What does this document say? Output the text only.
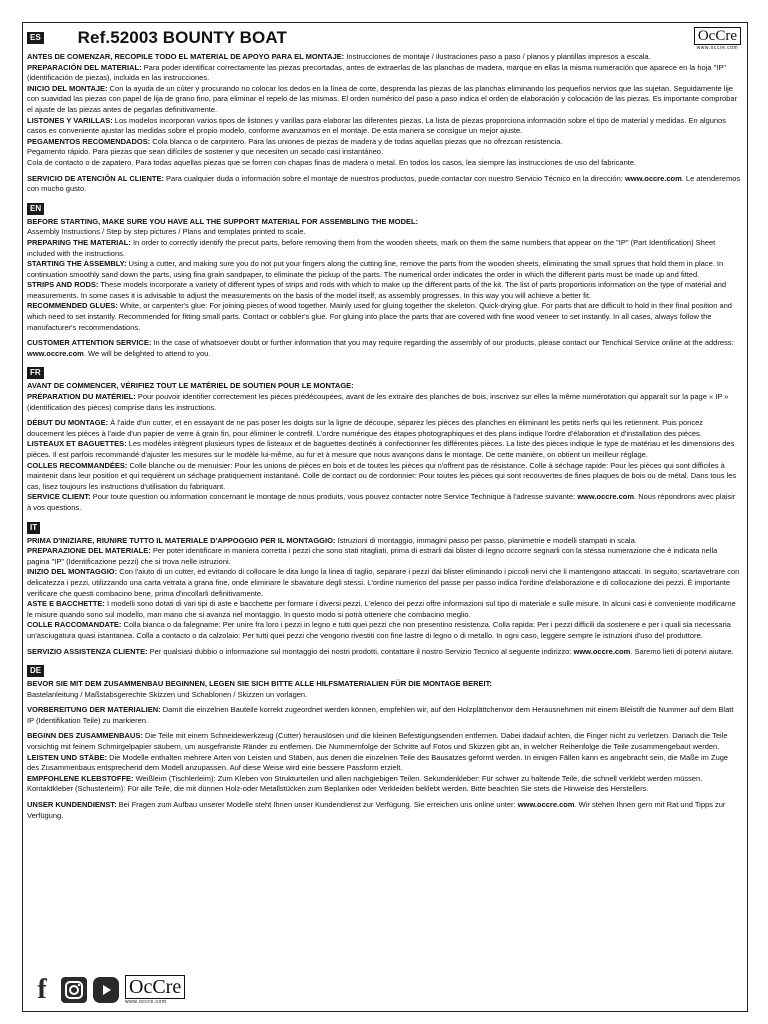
ES Ref.52003 BOUNTY BOAT	OcCre
www.occre.com

ANTES DE COMENZAR, RECOPILE TODO EL MATERIAL DE APOYO PARA EL MONTAJE: Instrucciones de montaje / ilustraciones paso a paso / planos y plantillas impresos a escala.

PREPARACIÓN DEL MATERIAL: Para poder identificar correctamente las piezas precortadas, antes de extraerlas de las planchas de madera, marque en ellas la misma numeración que aparece en la hoja "IP" (identificación de piezas), incluida en las instrucciones.

INICIO DEL MONTAJE: Con la ayuda de un cúter y procurando no colocar los dedos en la línea de corte, desprenda las piezas de las planchas eliminando los pequeños nervios que las sujetan. Seguidamente lije con suavidad las piezas con papel de lija de grano fino, para eliminar el repelo de las mismas. El orden numérico del paso a paso indica el orden de elaboración y colocación de las piezas. Es importante comprobar el ajuste de las piezas antes de pegarlas definitivamente.

LISTONES Y VARILLAS: Los modelos incorporan varios tipos de listones y varillas para elaborar las diferentes piezas. La lista de piezas proporciona información sobre el tipo de material y medidas. En algunos casos es conveniente ajustar las medidas sobre el propio modelo, conforme avanzamos en el montaje. De esta manera se consigue un mejor ajuste.

PEGAMENTOS RECOMENDADOS: Cola blanca o de carpintero. Para las uniones de piezas de madera y de todas aquellas piezas que no ofrezcan resistencia.

Pegamento rápido. Para piezas que sean difíciles de sostener y que necesiten un secado casi instantáneo.

Cola de contacto o de zapatero. Para todas aquellas piezas que se forren con chapas finas de madera o metal. En todos los casos, lea siempre las instrucciones de uso del fabricante.

SERVICIO DE ATENCIÓN AL CLIENTE: Para cualquier duda o información sobre el montaje de nuestros productos, puede contactar con nuestro Servicio Técnico en la dirección: www.occre.com. Le atenderemos con mucho gusto.

EN

BEFORE STARTING, MAKE SURE YOU HAVE ALL THE SUPPORT MATERIAL FOR ASSEMBLING THE MODEL:

Assembly Instructions / Step by step pictures / Plans and templates printed to scale.

PREPARING THE MATERIAL: In order to correctly identify the precut parts, before removing them from the wooden sheets, mark on them the same numbers that appear on the "IP" (Part Identification) Sheet included with the instructions.

STARTING THE ASSEMBLY: Using a cutter, and making sure you do not put your fingers along the cutting line, remove the parts from the wooden sheets, eliminating the small sprues that hold them in place. In continuation smoothly sand down the parts, using fina grain sandpaper, to eliminate the pickup of the parts. The numerical order indicates the order in which the different parts must be made up and fitted.

STRIPS AND RODS: These models incorporate a variety of different types of strips and rods with which to make up the different parts of the kit. The list of parts proportions information on the type of material and measurements. In some cases it is advisable to adjust the measurements on the basis of the model itself, as assembly progresses. In this way you will achieve a better fit.

RECOMMENDED GLUES: White, or carpenter's glue: For joining pieces of wood together. Mainly used for gluing together the skeleton. Quick-drying glue. For parts that are difficult to hold in their final position and which need to set instantly. Recommended for fitting small parts. Contact or cobbler's glue. For gluing into place the parts that are covered with fine wood veneer to set instantly. In all cases, always follow the manufacturer's recommendations.

CUSTOMER ATTENTION SERVICE: In the case of whatsoever doubt or further information that you may require regarding the assembly of our products, please contact our Tenchical Service online at the address: www.occre.com. We will be delighted to attend to you.

FR

AVANT DE COMMENCER, VÉRIFIEZ TOUT LE MATÉRIEL DE SOUTIEN POUR LE MONTAGE:

PRÉPARATION DU MATÉRIEL: Pour pouvoir identifier correctement les pièces prédécoupées, avant de les extraire des planches de bois, inscrivez sur elles la même numérotation qui apparaît sur la page « IP » (identification des pièces) comprise dans les instructions.

DÉBUT DU MONTAGE: À l'aide d'un cutter, et en essayant de ne pas poser les doigts sur la ligne de découpe, séparez les pièces des planches en éliminant les petits nerfs qui les retiennent. Puis poncez doucement les pièces à l'aide d'un papier de verre à grain fin, pour éliminer le contrefil. L'ordre numérique des étapes photographiques et des plans indique l'ordre d'élaboration et d'installation des pièces.

LISTEAUX ET BAGUETTES: Les modèles intègrent plusieurs types de listeaux et de baguettes destinés à confectionner les différentes pièces. La liste des pièces indique le type de matériau et les dimensions des pièces. Il est parfois recommandé d'ajuster les mesures sur le modèle lui-même, au fur et à mesure que nous avançons dans le montage. De cette manière, on obtient un meilleur réglage.

COLLES RECOMMANDÉES: Colle blanche ou de menuisier: Pour les unions de pièces en bois et de toutes les pièces qui n'offrent pas de résistance. Colle à séchage rapide: Pour les pièces qui sont difficiles à maintenir dans leur position et qui requièrent un séchage pratiquement instantané. Colle de contact ou de cordonnier: Pour toutes les pièces qui sont recouvertes de fines plaques de bois ou de métal. Dans tous les cas, lisez toujours les instructions d'utilisation du fabriquant.

SERVICE CLIENT: Pour toute question ou information concernant le montage de nous produits, vous pouvez contacter notre Service Technique à l'adresse suivante: www.occre.com. Nous répondrons avec plaisir à vos questions.

IT

PRIMA D'INIZIARE, RIUNIRE TUTTO IL MATERIALE D'APPOGGIO PER IL MONTAGGIO: Istruzioni di montaggio, immagini passo per passo, planimetrie e modelli stampati in scala.

PREPARAZIONE DEL MATERIALE: Per poter identificare in maniera corretta i pezzi che sono stati ritagliati, prima di estrarli dai blister di legno occorre segnarli con la stessa numerazione che è indicata nella pagina "IP" (Identificazione pezzi) che si trova nelle istruzioni.

INIZIO DEL MONTAGGIO: Con l'aiuto di un cutter, ed evitando di collocare le dita lungo la linea di taglio, separare i pezzi dai blister eliminando i piccoli nervi che li mantengono attaccati. In seguito, scartavetrare con delicatezza i pezzi, utilizzando una carta vetrata a grana fine, onde eliminare le sbavature degli stessi. L'ordine numerico del passe per passo indica l'ordine d'elaborazione e di collocazione dei pezzi. È importante verificare che questi combacino bene, prima d'incollarli definitivamente.

ASTE E BACCHETTE: I modelli sono dotati di vari tipi di aste e bacchette per formare i diversi pezzi. L'elenco dei pezzi offre informazioni sul tipo di materiale e sulle misure. In alcuni casi è conveniente modificarne le misure quando sono sul modello, man mano che si avanza nel montaggio. In questo modo si potrà ottenere che combacino meglio.

COLLE RACCOMANDATE: Colla bianca o da falegname: Per unire fra loro i pezzi in legno e tutti quei pezzi che non presentino resistenza. Colla rapida: Per i pezzi difficili da sostenere e per i quali sia necessaria un'asciugatura quasi istantanea. Colla a contacto o da calzolaio: Per tutti quei pezzi che vengono rivestiti con fine lastre di legno o di metallo. In ogni caso, leggere sempre le istruzioni d'uso del produttore.

SERVIZIO ASSISTENZA CLIENTE: Per qualsiasi dubbio o informazione sul montaggio dei nostri prodotti, contattare il nostro Servizio Tecnico al seguente indirizzo: www.occre.com. Saremo lieti di potervi aiutare.

DE

BEVOR SIE MIT DEM ZUSAMMENBAU BEGINNEN, LEGEN SIE SICH BITTE ALLE HILFSMATERIALIEN FÜR DIE MONTAGE BEREIT:

Bastelanleitung / Maßstabsgerechte Skizzen und Schablonen / Skizzen un vorlagen.

VORBEREITUNG DER MATERIALIEN: Damit die einzelnen Bauteile korrekt zugeordnet werden können, empfehlen wir, auf den Holzplättchenvor dem Herausnehmen mit einem Bleistift die Nummer auf dem Blatt IP (Identifikation Teile) zu markieren.

BEGINN DES ZUSAMMENBAUS: Die Teile mit einem Schneidewerkzeug (Cutter) herauslösen und die kleinen Befestigungsenden entfernen. Dabei dadauf achten, die Finger nicht zu verletzen. Danach die Teile vorsichtig mit feinem Schmirgelpapier säubern, um ausgefranste Ränder zu entfernen. Die Nummernfolge der Schritte auf Fotos und Skizzen gibt an, in welcher Reihenfolge die Teile zusammengebaut werden.

LEISTEN UND STÄBE: Die Modelle enthalten mehrere Arten von Leisten und Stäben, aus denen die einzelnen Teile des Bausatzes geformt werden. In einigen Fällen kann es angebracht sein, die Maße im Zuge des Zusammenbaus entsprechend dem Modell anzupassen. Auf diese Weise wird eine bessere Passform erzielt.

EMPFOHLENE KLEBSTOFFE: Weißleim (Tischlerleim): Zum Kleben von Strukturteilen und allen nachgiebigen Teilen. Sekundenkleber: Für schwer zu haltende Teile, die schnell verklebt werden müssen. Kontaktkleber (Schusterleim): Für alle Teile, die mit dünnen Holz-oder Metallstücken zum Beplanken oder Verkleiden beklebt werden. Bitte beachten Sie stets die Hinweise des Herstellers.

UNSER KUNDENDIENST: Bei Fragen zum Aufbau unserer Modelle steht Ihnen unser Kundendienst zur Verfügung. Sie erreichen uns online unter: www.occre.com. Wir stehen Ihnen gern mit Rat und Tipps zur Verfügung.

f	OcCre
www.occre.com
